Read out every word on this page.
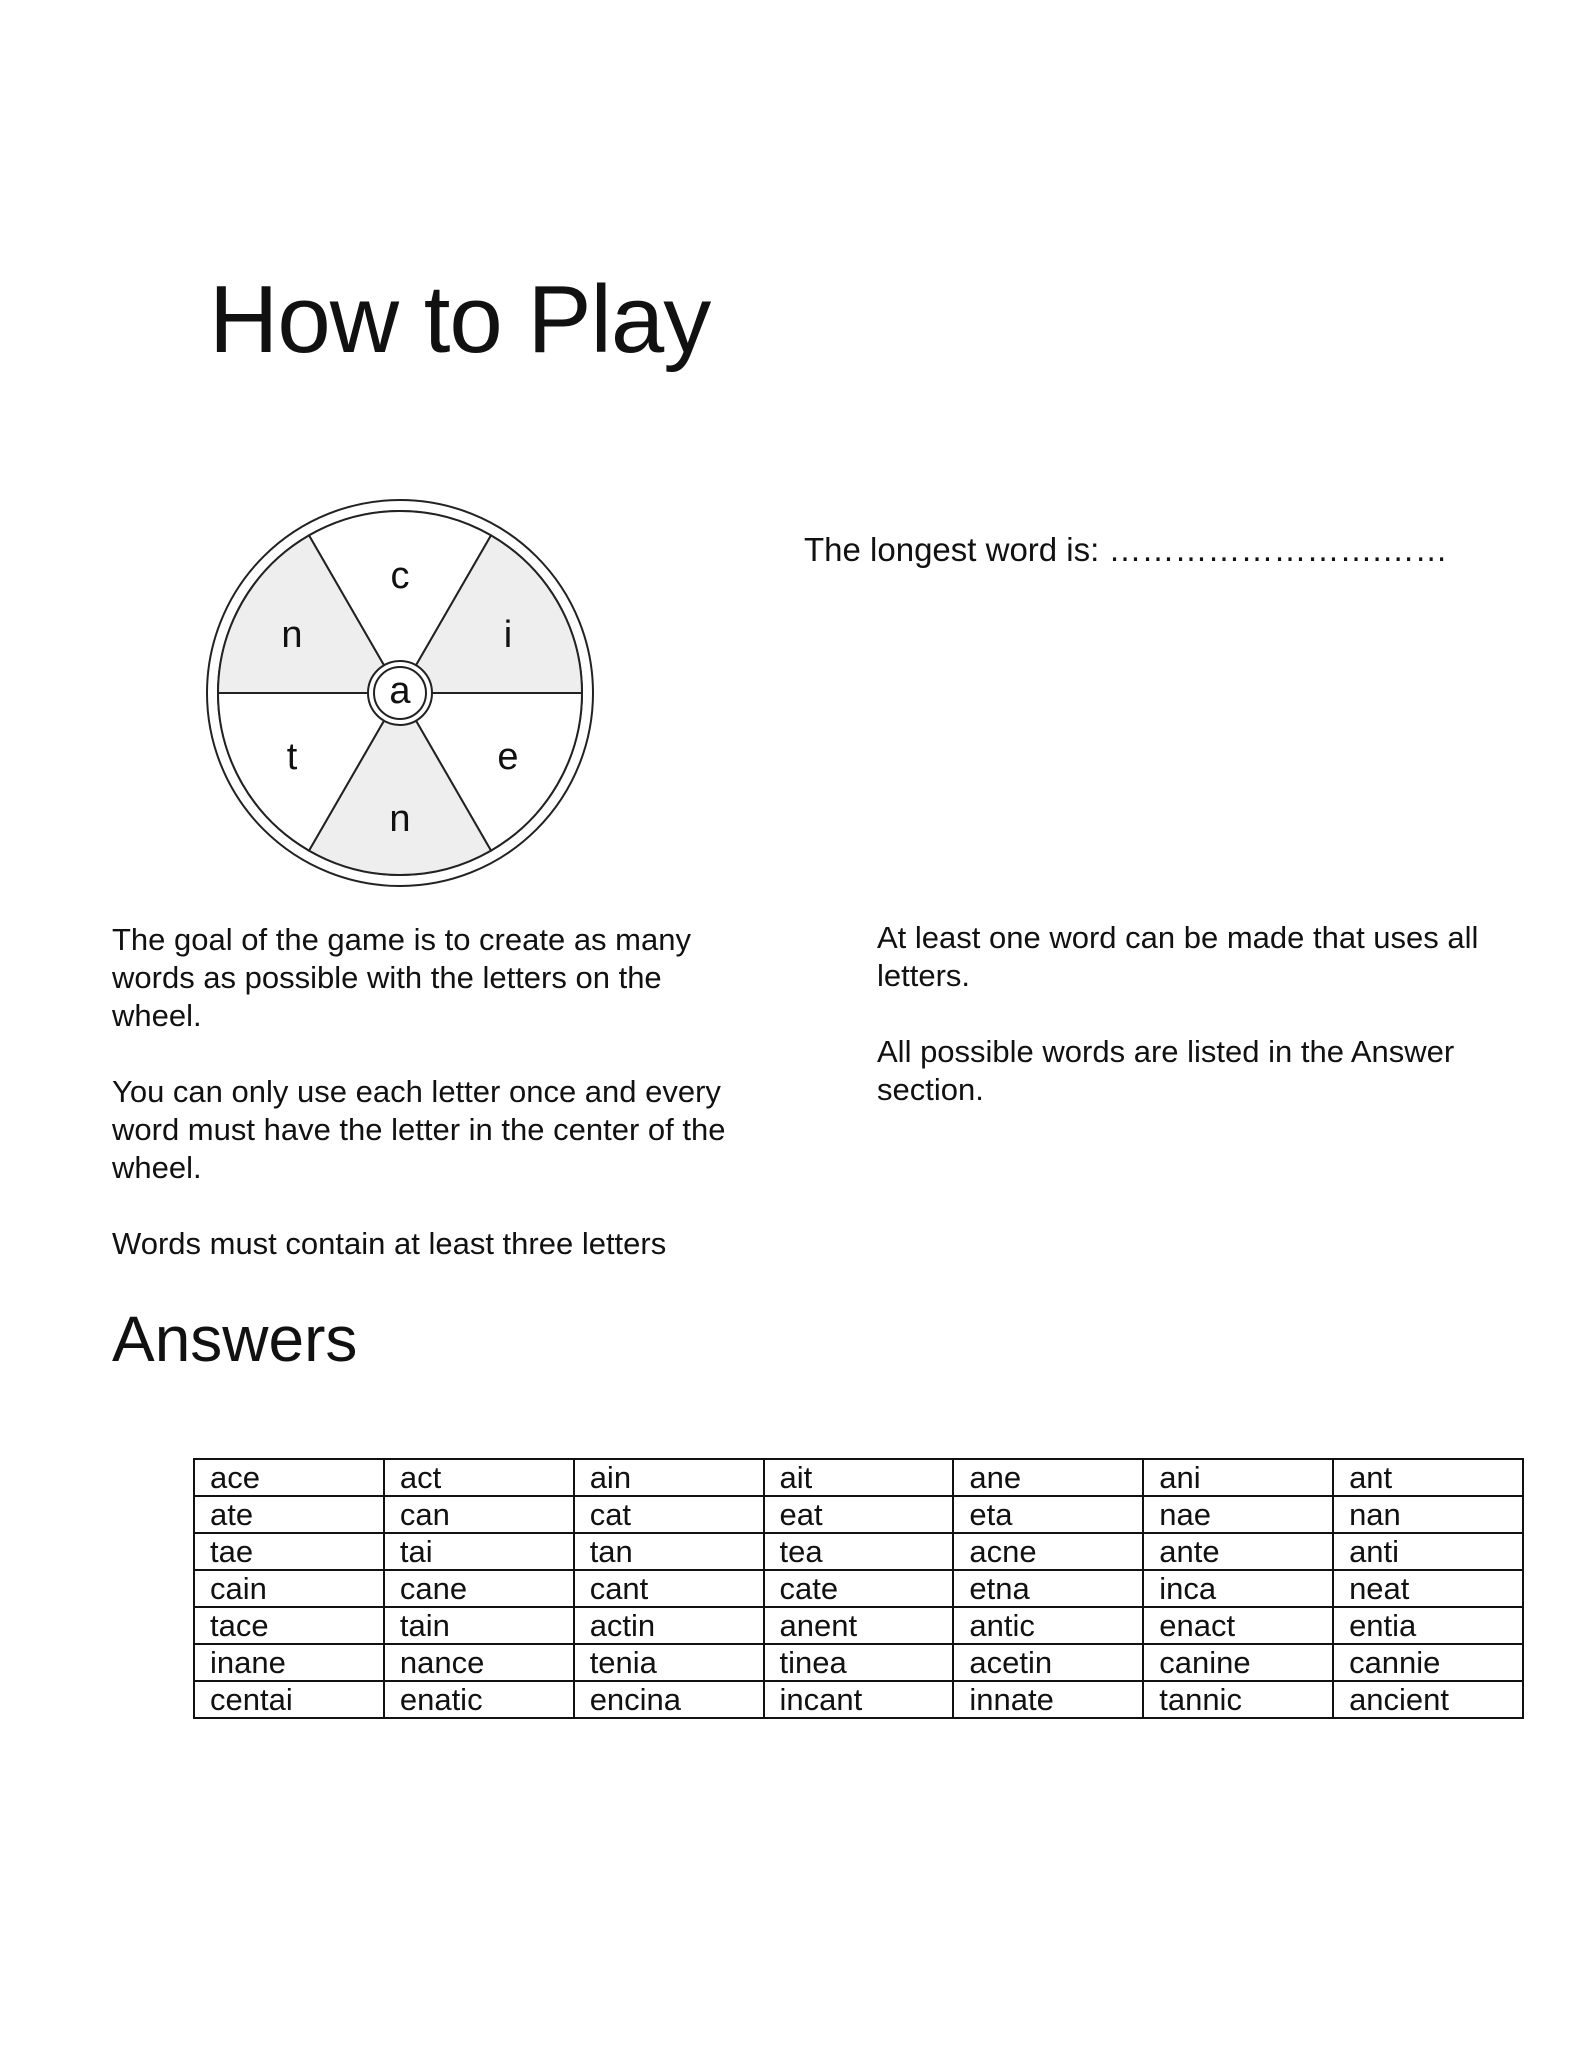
How to Play
c
i
e
n
t
n
a
The longest word is: …………………….……

The goal of the game is to create as many words as possible with the letters on the wheel.

You can only use each letter once and every word must have the letter in the center of the wheel.

Words must contain at least three letters

At least one word can be made that uses all letters.

All possible words are listed in the Answer section.

Answers
ace	act	ain	ait	ane	ani	ant
ate	can	cat	eat	eta	nae	nan
tae	tai	tan	tea	acne	ante	anti
cain	cane	cant	cate	etna	inca	neat
tace	tain	actin	anent	antic	enact	entia
inane	nance	tenia	tinea	acetin	canine	cannie
centai	enatic	encina	incant	innate	tannic	ancient
